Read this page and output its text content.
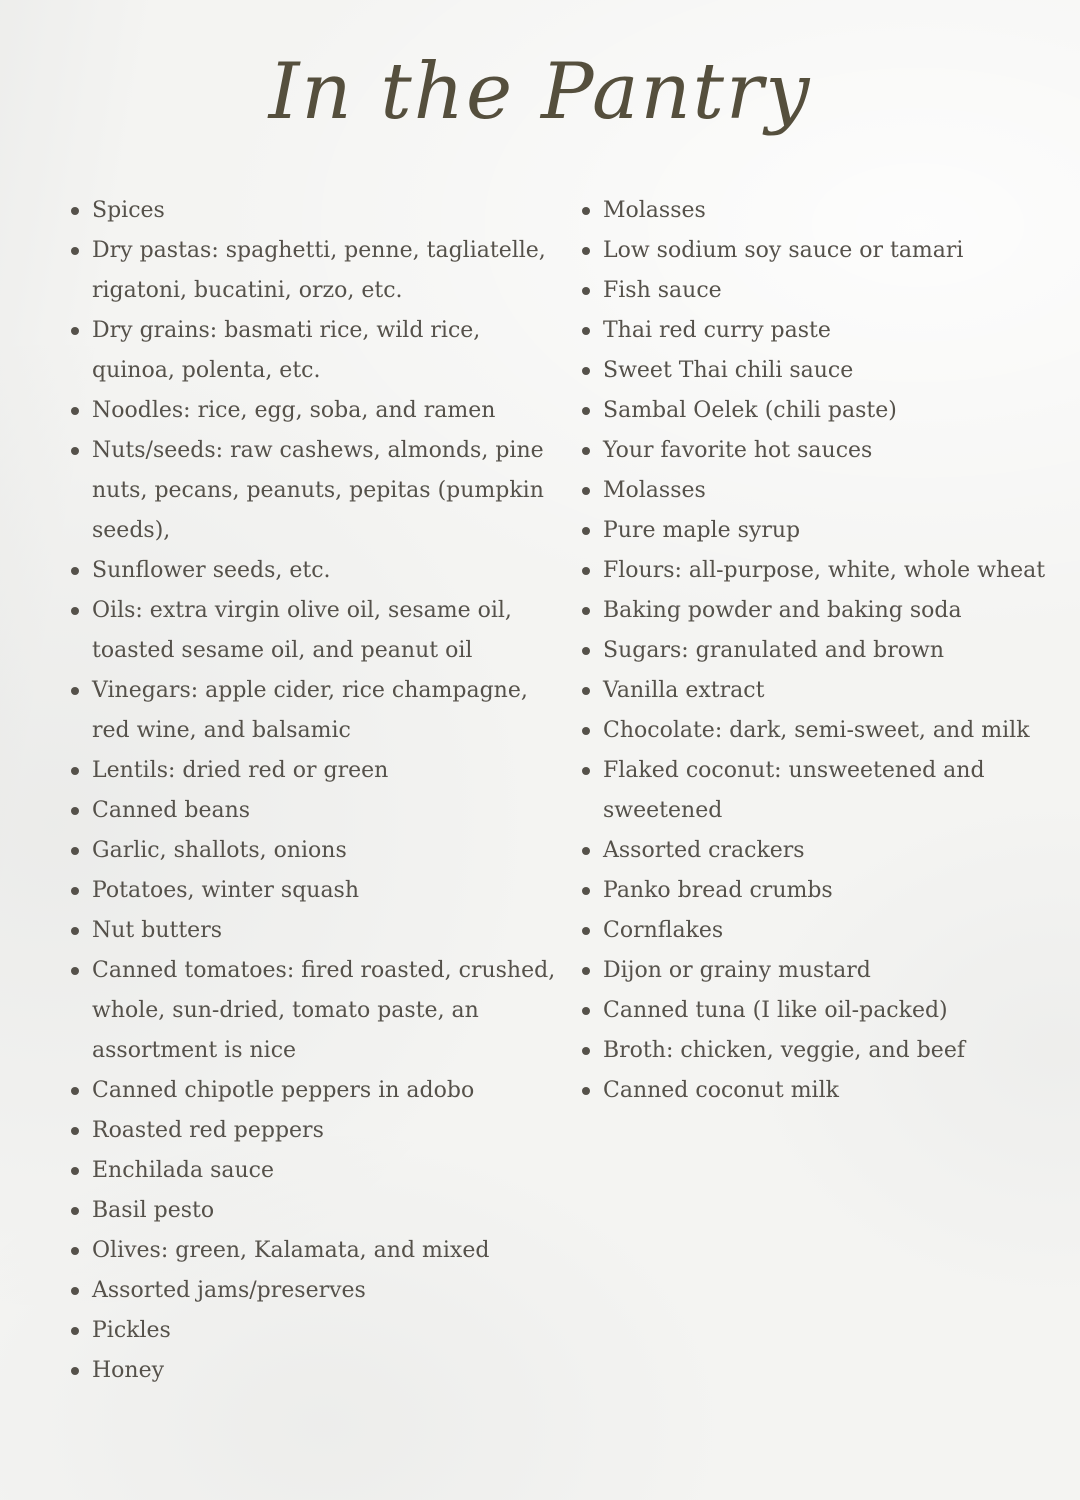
In the Pantry
Spices
Dry pastas: spaghetti, penne, tagliatelle,
rigatoni, bucatini, orzo, etc.
Dry grains: basmati rice, wild rice,
quinoa, polenta, etc.
Noodles: rice, egg, soba, and ramen
Nuts/seeds: raw cashews, almonds, pine
nuts, pecans, peanuts, pepitas (pumpkin
seeds),
Sunflower seeds, etc.
Oils: extra virgin olive oil, sesame oil,
toasted sesame oil, and peanut oil
Vinegars: apple cider, rice champagne,
red wine, and balsamic
Lentils: dried red or green
Canned beans
Garlic, shallots, onions
Potatoes, winter squash
Nut butters
Canned tomatoes: fired roasted, crushed,
whole, sun-dried, tomato paste, an
assortment is nice
Canned chipotle peppers in adobo
Roasted red peppers
Enchilada sauce
Basil pesto
Olives: green, Kalamata, and mixed
Assorted jams/preserves
Pickles
Honey
Molasses
Low sodium soy sauce or tamari
Fish sauce
Thai red curry paste
Sweet Thai chili sauce
Sambal Oelek (chili paste)
Your favorite hot sauces
Molasses
Pure maple syrup
Flours: all-purpose, white, whole wheat
Baking powder and baking soda
Sugars: granulated and brown
Vanilla extract
Chocolate: dark, semi-sweet, and milk
Flaked coconut: unsweetened and
sweetened
Assorted crackers
Panko bread crumbs
Cornflakes
Dijon or grainy mustard
Canned tuna (I like oil-packed)
Broth: chicken, veggie, and beef
Canned coconut milk
